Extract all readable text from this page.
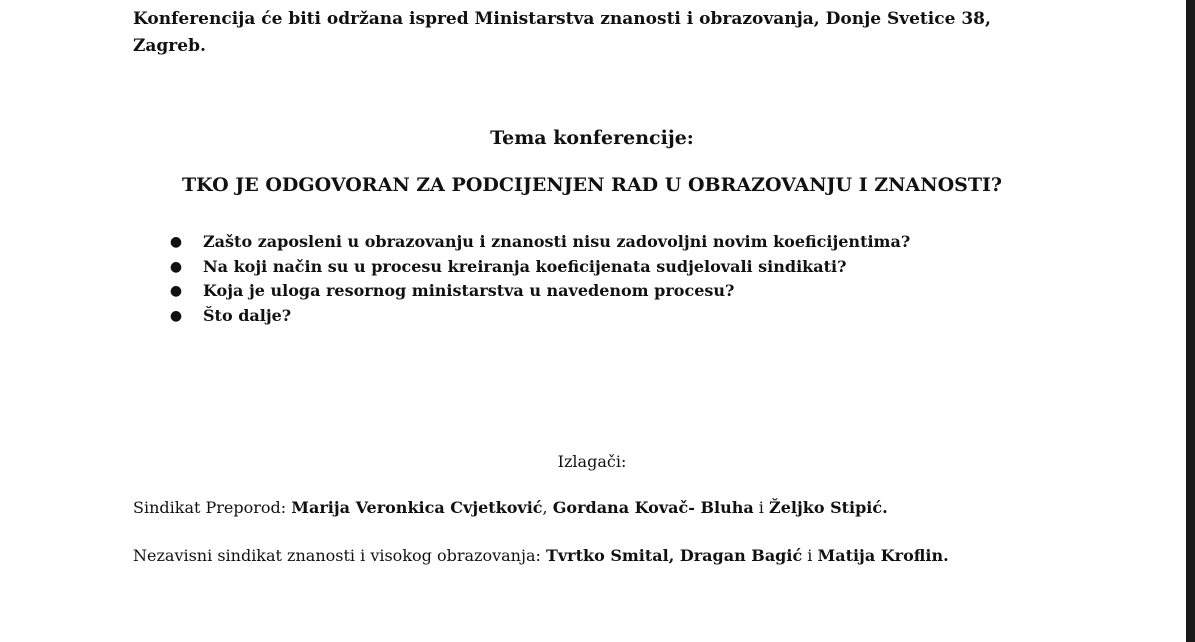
Konferencija će biti održana ispred Ministarstva znanosti i obrazovanja, Donje Svetice 38, Zagreb.

Tema konferencije:
TKO JE ODGOVORAN ZA PODCIJENJEN RAD U OBRAZOVANJU I ZNANOSTI?
● Zašto zaposleni u obrazovanju i znanosti nisu zadovoljni novim koeficijentima?
● Na koji način su u procesu kreiranja koeficijenata sudjelovali sindikati?
● Koja je uloga resornog ministarstva u navedenom procesu?
● Što dalje?

Izlagači:

Sindikat Preporod: Marija Veronkica Cvjetković, Gordana Kovač- Bluha i Željko Stipić.

Nezavisni sindikat znanosti i visokog obrazovanja: Tvrtko Smital, Dragan Bagić i Matija Kroflin.
